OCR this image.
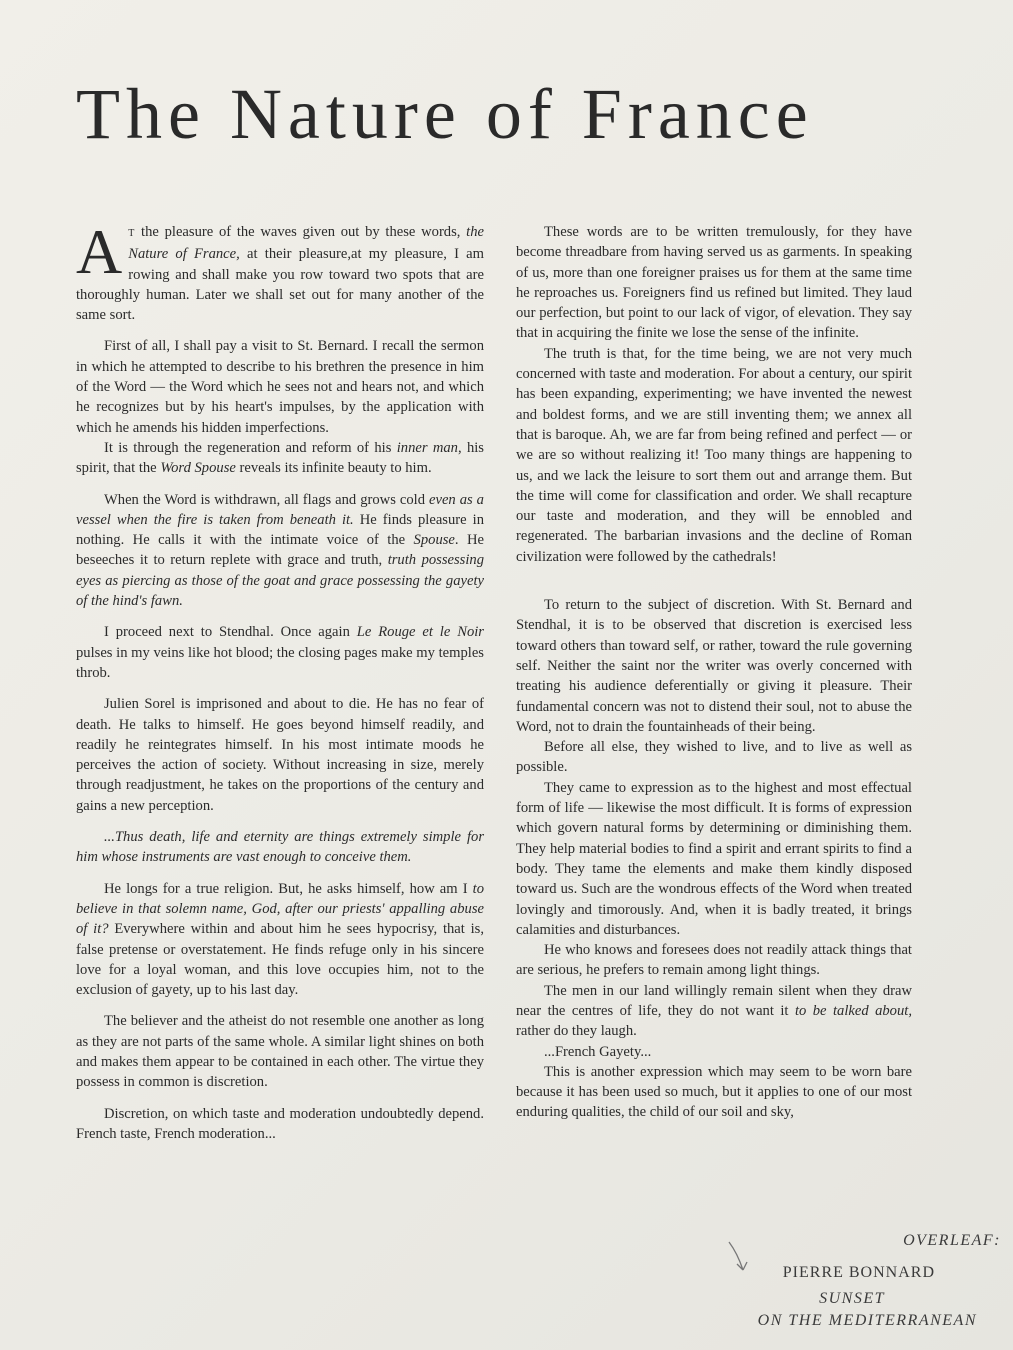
The Nature of France

A T the pleasure of the waves given out by these words, the Nature of France, at their pleasure,at my pleasure, I am rowing and shall make you row toward two spots that are thoroughly human. Later we shall set out for many another of the same sort.

First of all, I shall pay a visit to St. Bernard. I recall the sermon in which he attempted to describe to his brethren the presence in him of the Word — the Word which he sees not and hears not, and which he recognizes but by his heart's impulses, by the application with which he amends his hidden imperfections.

It is through the regeneration and reform of his inner man, his spirit, that the Word Spouse reveals its infinite beauty to him.

When the Word is withdrawn, all flags and grows cold even as a vessel when the fire is taken from beneath it. He finds pleasure in nothing. He calls it with the intimate voice of the Spouse. He beseeches it to return replete with grace and truth, truth possessing eyes as piercing as those of the goat and grace possessing the gayety of the hind's fawn.

I proceed next to Stendhal. Once again Le Rouge et le Noir pulses in my veins like hot blood; the closing pages make my temples throb.

Julien Sorel is imprisoned and about to die. He has no fear of death. He talks to himself. He goes beyond himself readily, and readily he reintegrates himself. In his most intimate moods he perceives the action of society. Without increasing in size, merely through readjustment, he takes on the proportions of the century and gains a new perception.

...Thus death, life and eternity are things extremely simple for him whose instruments are vast enough to conceive them.

He longs for a true religion. But, he asks himself, how am I to believe in that solemn name, God, after our priests' appalling abuse of it? Everywhere within and about him he sees hypocrisy, that is, false pretense or overstatement. He finds refuge only in his sincere love for a loyal woman, and this love occupies him, not to the exclusion of gayety, up to his last day.

The believer and the atheist do not resemble one another as long as they are not parts of the same whole. A similar light shines on both and makes them appear to be contained in each other. The virtue they possess in common is discretion.

Discretion, on which taste and moderation undoubtedly depend. French taste, French moderation...

These words are to be written tremulously, for they have become threadbare from having served us as garments. In speaking of us, more than one foreigner praises us for them at the same time he reproaches us. Foreigners find us refined but limited. They laud our perfection, but point to our lack of vigor, of elevation. They say that in acquiring the finite we lose the sense of the infinite.

The truth is that, for the time being, we are not very much concerned with taste and moderation. For about a century, our spirit has been expanding, experimenting; we have invented the newest and boldest forms, and we are still inventing them; we annex all that is baroque. Ah, we are far from being refined and perfect — or we are so without realizing it! Too many things are happening to us, and we lack the leisure to sort them out and arrange them. But the time will come for classification and order. We shall recapture our taste and moderation, and they will be ennobled and regenerated. The barbarian invasions and the decline of Roman civilization were followed by the cathedrals!

To return to the subject of discretion. With St. Bernard and Stendhal, it is to be observed that discretion is exercised less toward others than toward self, or rather, toward the rule governing self. Neither the saint nor the writer was overly concerned with treating his audience deferentially or giving it pleasure. Their fundamental concern was not to distend their soul, not to abuse the Word, not to drain the fountainheads of their being.

Before all else, they wished to live, and to live as well as possible.

They came to expression as to the highest and most effectual form of life — likewise the most difficult. It is forms of expression which govern natural forms by determining or diminishing them. They help material bodies to find a spirit and errant spirits to find a body. They tame the elements and make them kindly disposed toward us. Such are the wondrous effects of the Word when treated lovingly and timorously. And, when it is badly treated, it brings calamities and disturbances.

He who knows and foresees does not readily attack things that are serious, he prefers to remain among light things.

The men in our land willingly remain silent when they draw near the centres of life, they do not want it to be talked about, rather do they laugh.

...French Gayety...

This is another expression which may seem to be worn bare because it has been used so much, but it applies to one of our most enduring qualities, the child of our soil and sky,

OVERLEAF:
PIERRE BONNARD
SUNSET
ON THE MEDITERRANEAN
